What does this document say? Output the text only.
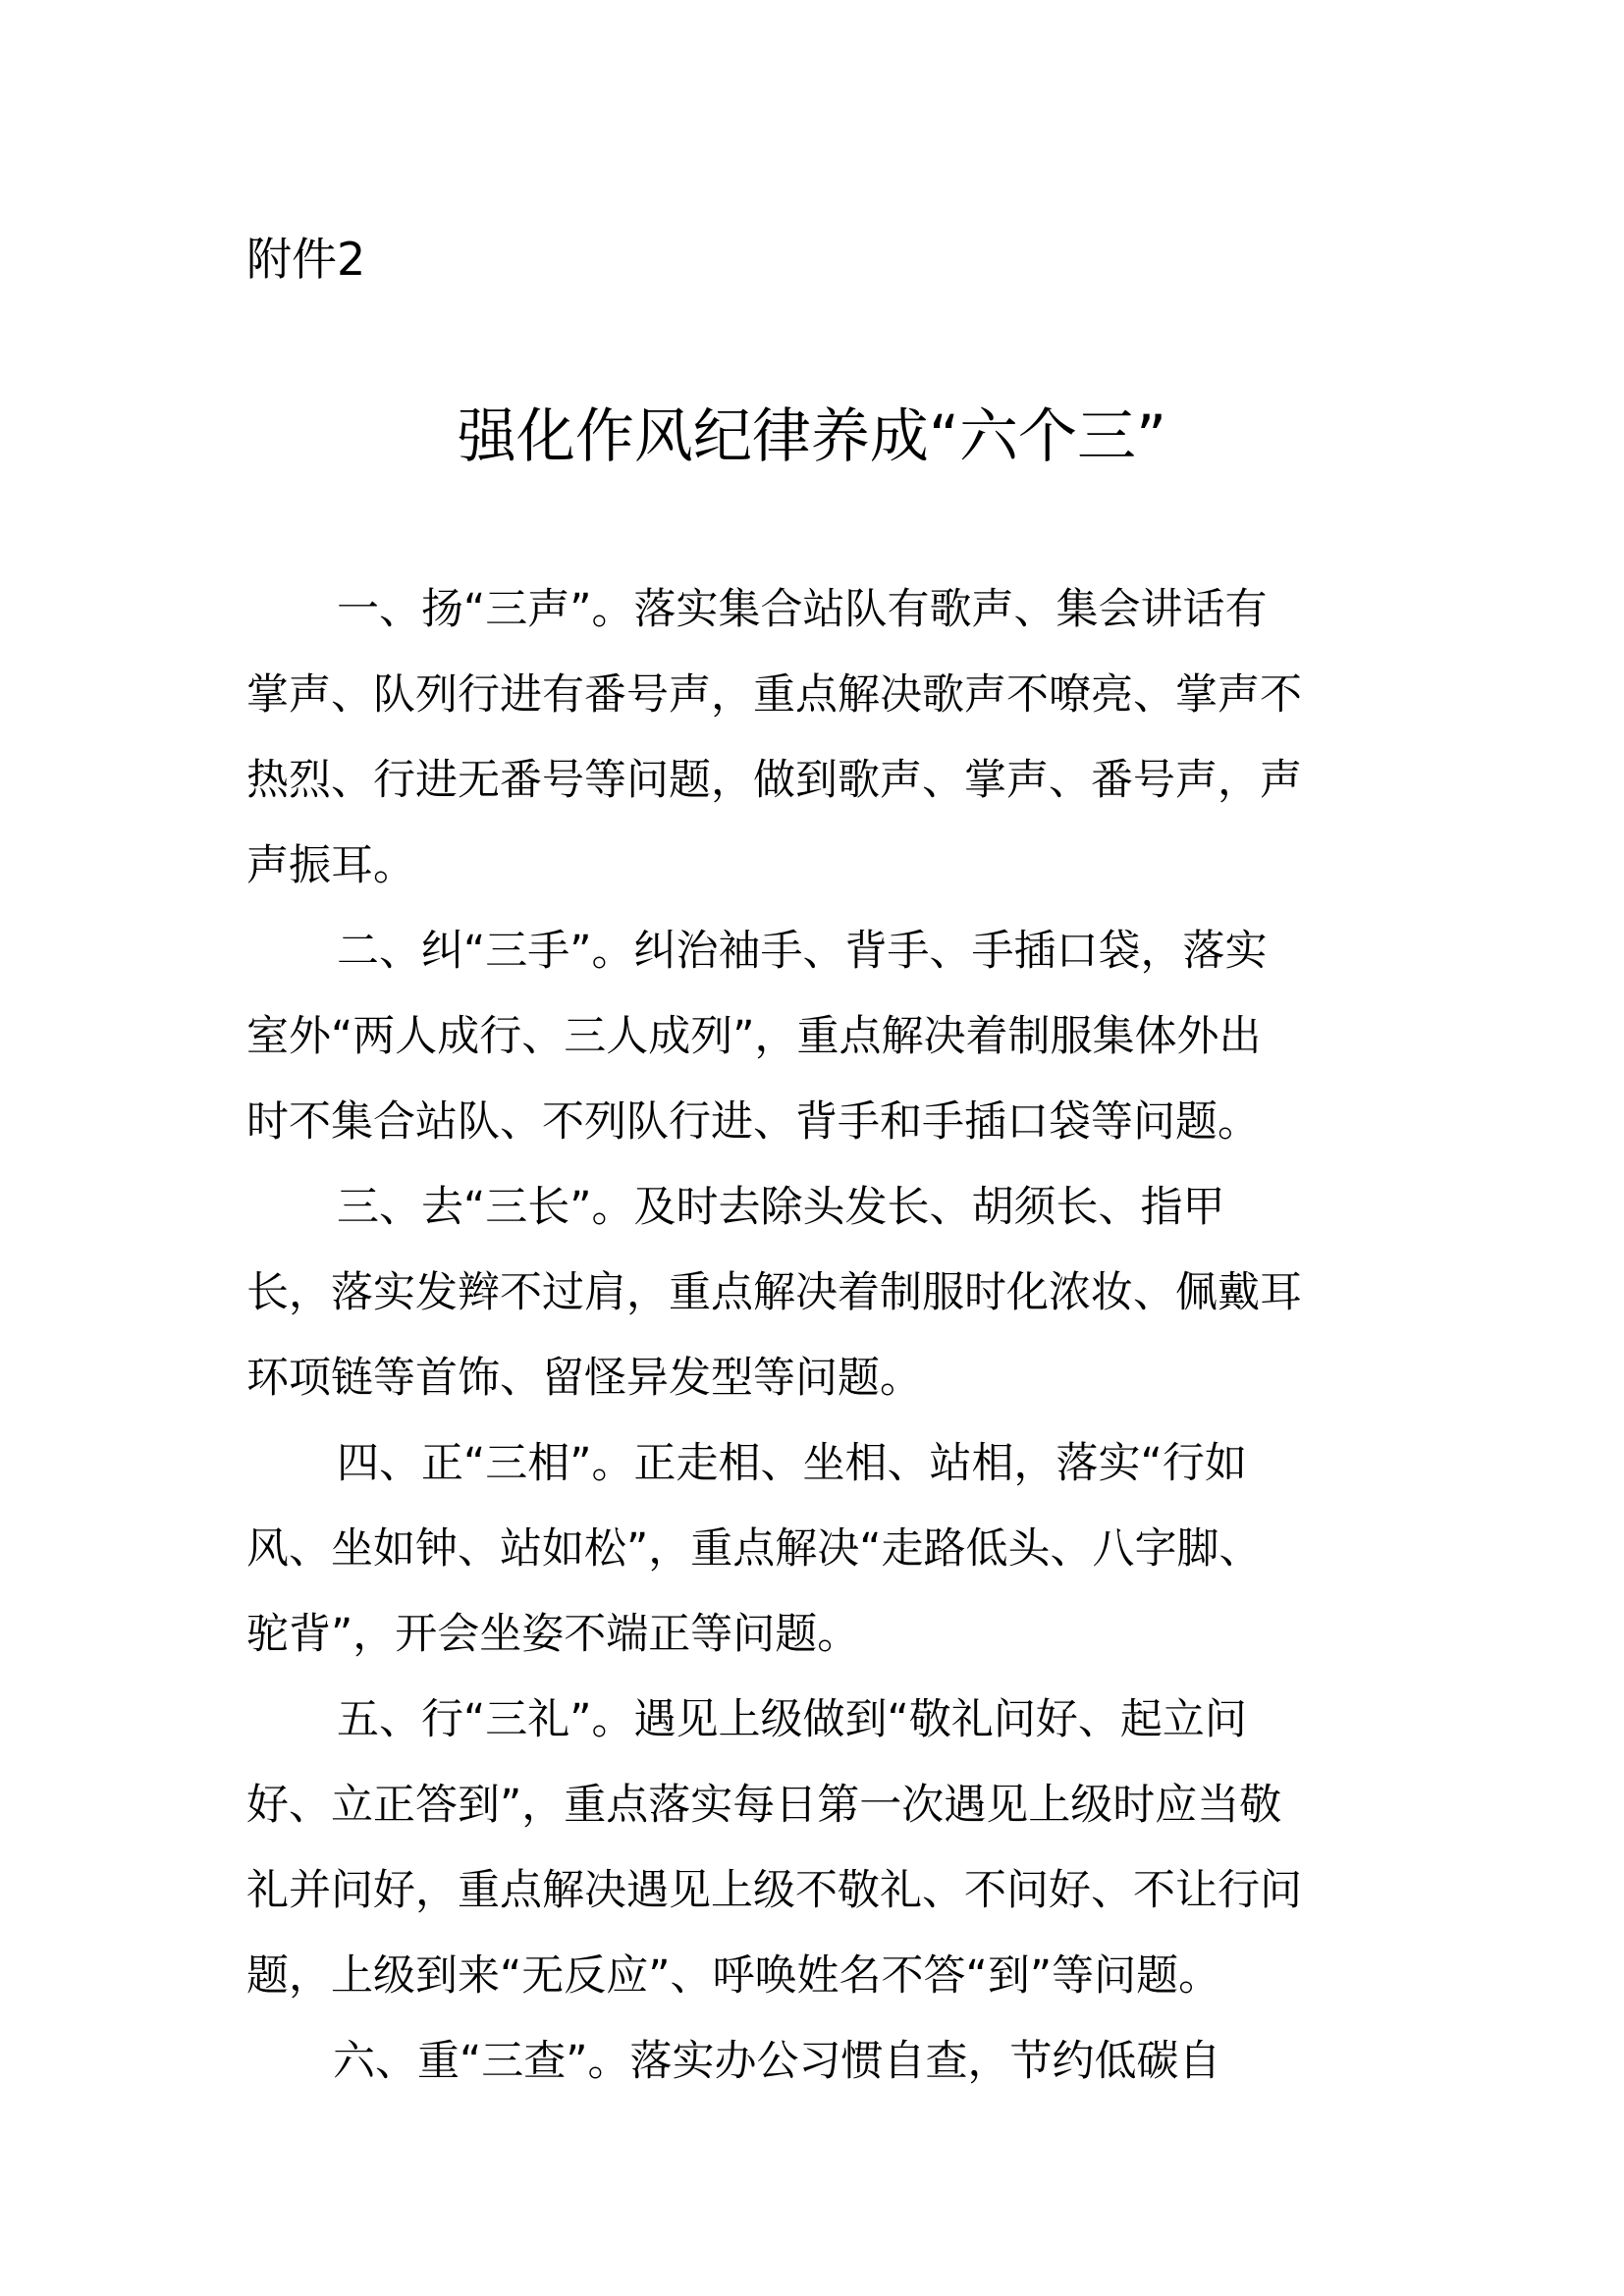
附件2
强化作风纪律养成“六个三”
一、扬“三声”。落实集合站队有歌声、集会讲话有
掌声、队列行进有番号声，重点解决歌声不嘹亮、掌声不
热烈、行进无番号等问题，做到歌声、掌声、番号声，声
声振耳。
二、纠“三手”。纠治袖手、背手、手插口袋，落实
室外“两人成行、三人成列”，重点解决着制服集体外出
时不集合站队、不列队行进、背手和手插口袋等问题。
三、去“三长”。及时去除头发长、胡须长、指甲
长，落实发辫不过肩，重点解决着制服时化浓妆、佩戴耳
环项链等首饰、留怪异发型等问题。
四、正“三相”。正走相、坐相、站相，落实“行如
风、坐如钟、站如松”，重点解决“走路低头、八字脚、
驼背”，开会坐姿不端正等问题。
五、行“三礼”。遇见上级做到“敬礼问好、起立问
好、立正答到”，重点落实每日第一次遇见上级时应当敬
礼并问好，重点解决遇见上级不敬礼、不问好、不让行问
题，上级到来“无反应”、呼唤姓名不答“到”等问题。
六、重“三查”。落实办公习惯自查，节约低碳自
